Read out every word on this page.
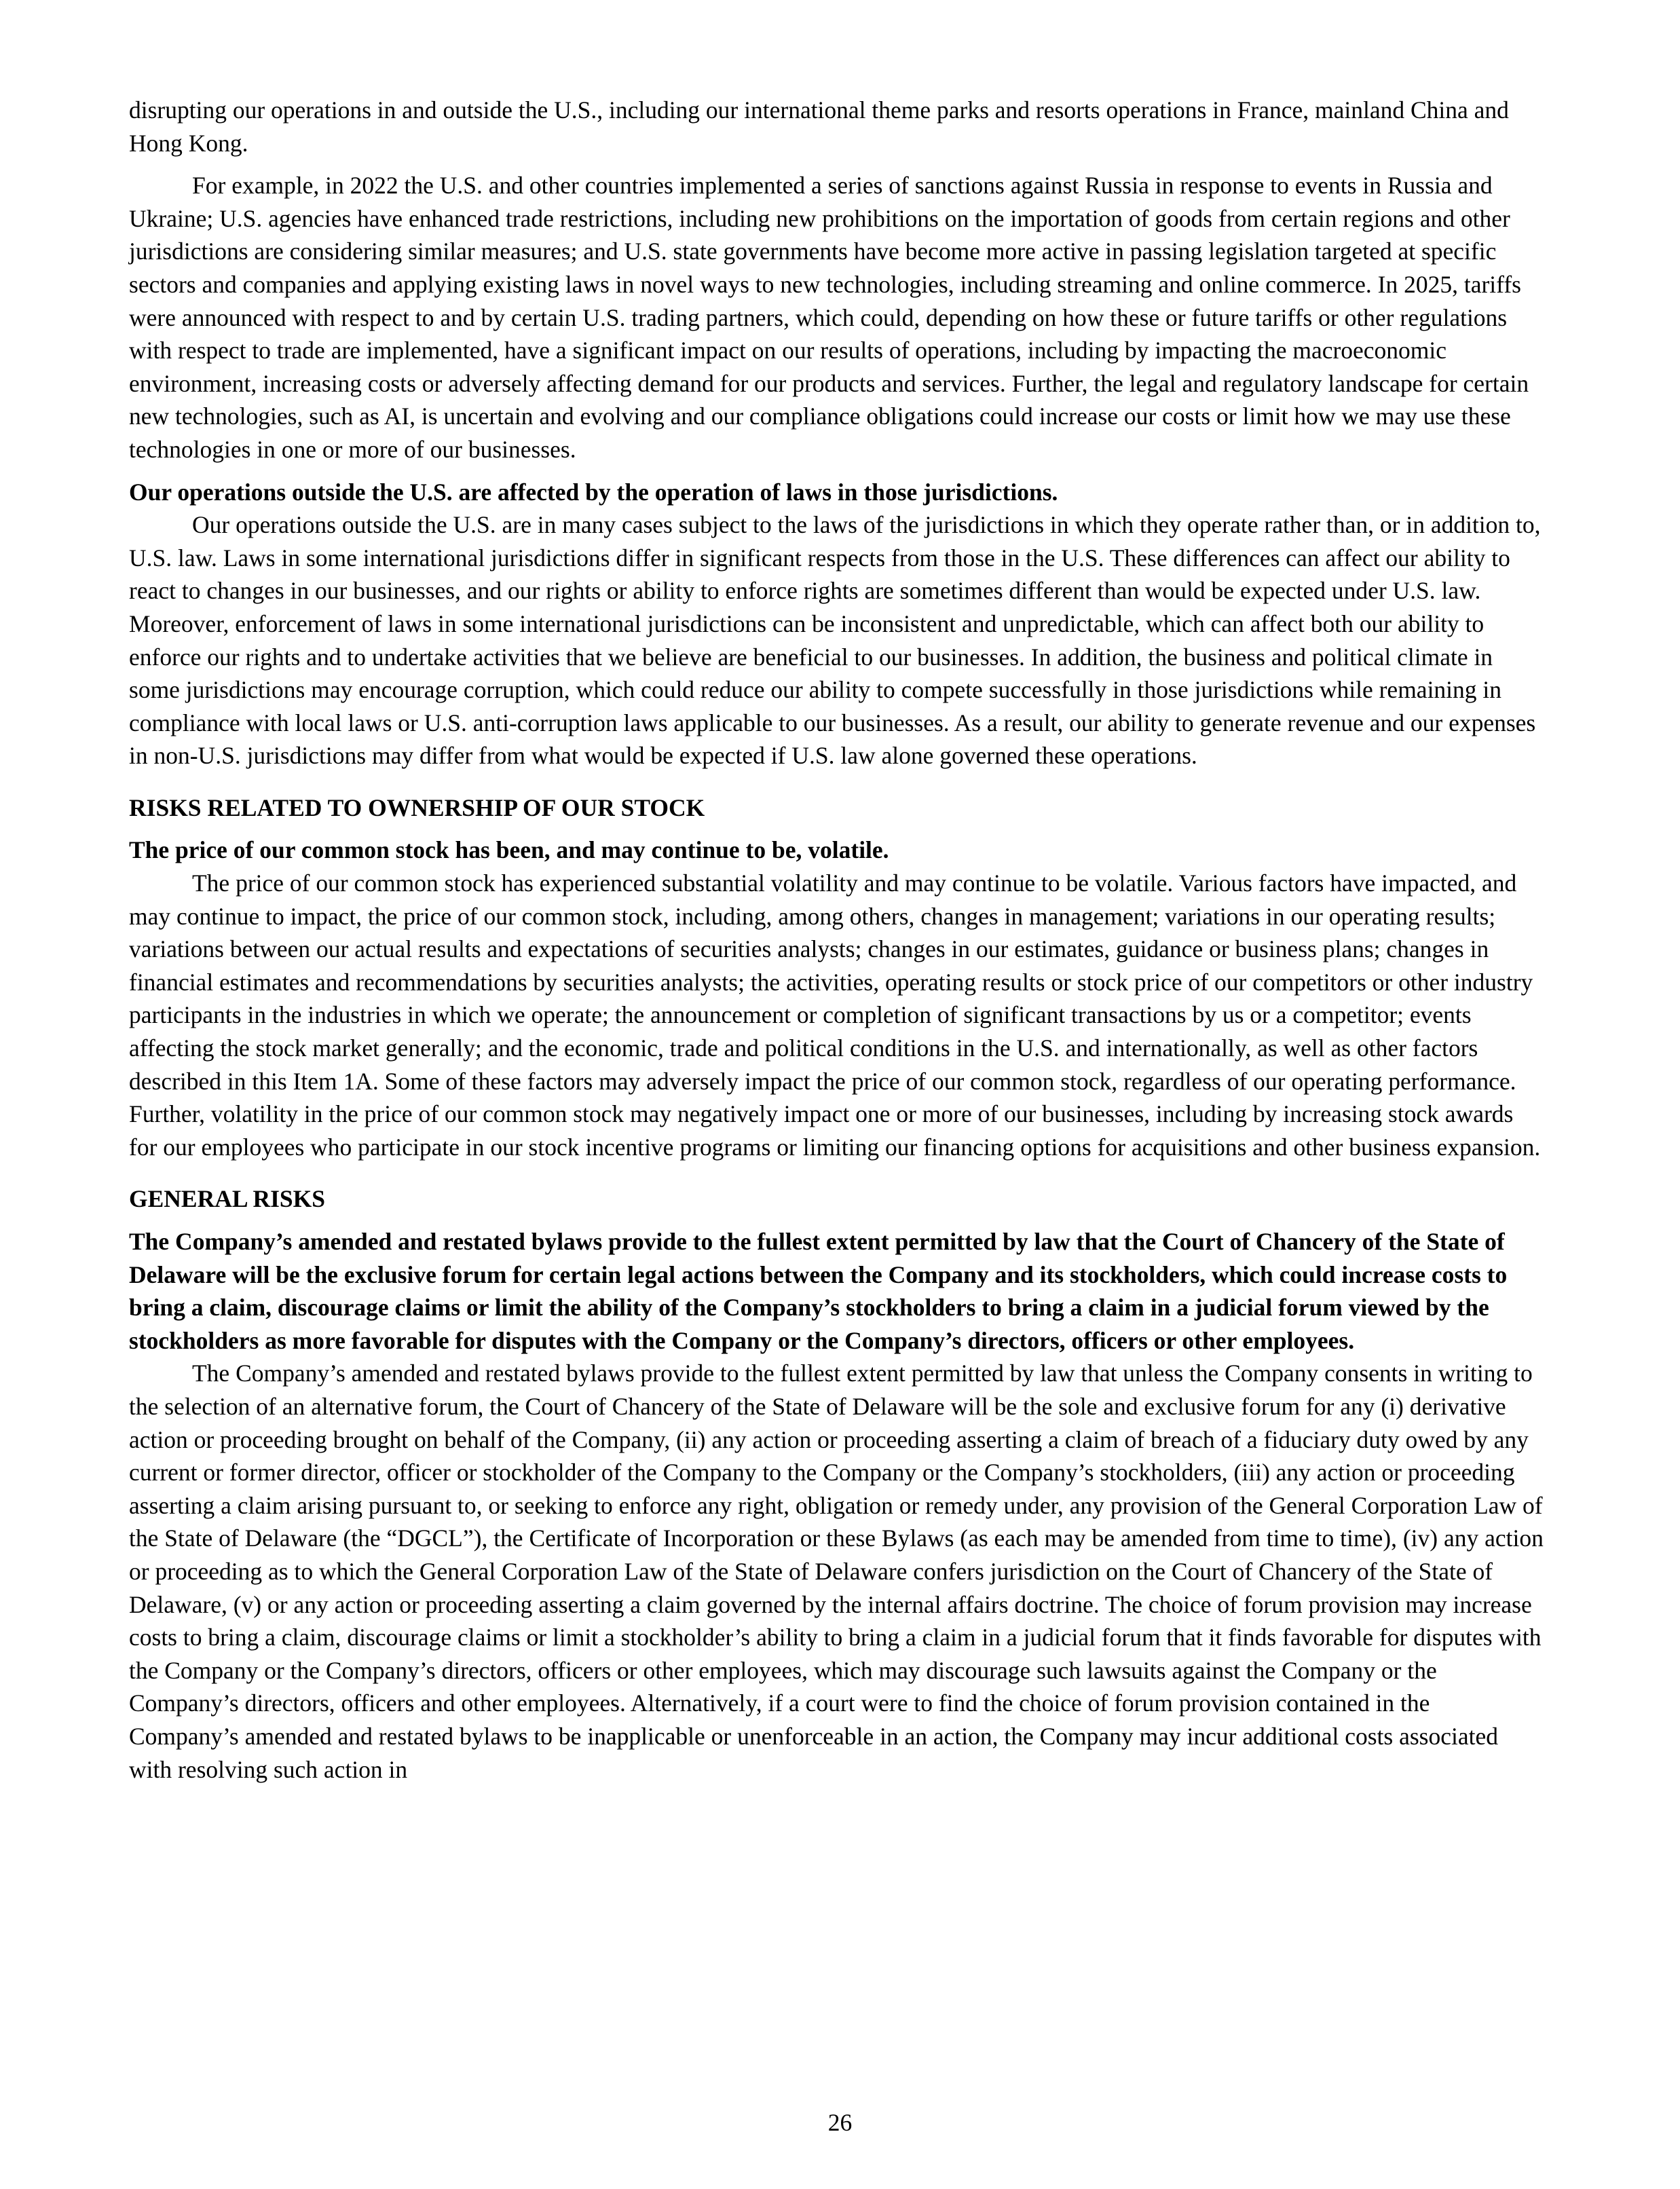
disrupting our operations in and outside the U.S., including our international theme parks and resorts operations in France, mainland China and Hong Kong.

For example, in 2022 the U.S. and other countries implemented a series of sanctions against Russia in response to events in Russia and Ukraine; U.S. agencies have enhanced trade restrictions, including new prohibitions on the importation of goods from certain regions and other jurisdictions are considering similar measures; and U.S. state governments have become more active in passing legislation targeted at specific sectors and companies and applying existing laws in novel ways to new technologies, including streaming and online commerce. In 2025, tariffs were announced with respect to and by certain U.S. trading partners, which could, depending on how these or future tariffs or other regulations with respect to trade are implemented, have a significant impact on our results of operations, including by impacting the macroeconomic environment, increasing costs or adversely affecting demand for our products and services. Further, the legal and regulatory landscape for certain new technologies, such as AI, is uncertain and evolving and our compliance obligations could increase our costs or limit how we may use these technologies in one or more of our businesses.

Our operations outside the U.S. are affected by the operation of laws in those jurisdictions.

Our operations outside the U.S. are in many cases subject to the laws of the jurisdictions in which they operate rather than, or in addition to, U.S. law. Laws in some international jurisdictions differ in significant respects from those in the U.S. These differences can affect our ability to react to changes in our businesses, and our rights or ability to enforce rights are sometimes different than would be expected under U.S. law. Moreover, enforcement of laws in some international jurisdictions can be inconsistent and unpredictable, which can affect both our ability to enforce our rights and to undertake activities that we believe are beneficial to our businesses. In addition, the business and political climate in some jurisdictions may encourage corruption, which could reduce our ability to compete successfully in those jurisdictions while remaining in compliance with local laws or U.S. anti-corruption laws applicable to our businesses. As a result, our ability to generate revenue and our expenses in non-U.S. jurisdictions may differ from what would be expected if U.S. law alone governed these operations.

RISKS RELATED TO OWNERSHIP OF OUR STOCK

The price of our common stock has been, and may continue to be, volatile.

The price of our common stock has experienced substantial volatility and may continue to be volatile. Various factors have impacted, and may continue to impact, the price of our common stock, including, among others, changes in management; variations in our operating results; variations between our actual results and expectations of securities analysts; changes in our estimates, guidance or business plans; changes in financial estimates and recommendations by securities analysts; the activities, operating results or stock price of our competitors or other industry participants in the industries in which we operate; the announcement or completion of significant transactions by us or a competitor; events affecting the stock market generally; and the economic, trade and political conditions in the U.S. and internationally, as well as other factors described in this Item 1A. Some of these factors may adversely impact the price of our common stock, regardless of our operating performance. Further, volatility in the price of our common stock may negatively impact one or more of our businesses, including by increasing stock awards for our employees who participate in our stock incentive programs or limiting our financing options for acquisitions and other business expansion.

GENERAL RISKS

The Company’s amended and restated bylaws provide to the fullest extent permitted by law that the Court of Chancery of the State of Delaware will be the exclusive forum for certain legal actions between the Company and its stockholders, which could increase costs to bring a claim, discourage claims or limit the ability of the Company’s stockholders to bring a claim in a judicial forum viewed by the stockholders as more favorable for disputes with the Company or the Company’s directors, officers or other employees.

The Company’s amended and restated bylaws provide to the fullest extent permitted by law that unless the Company consents in writing to the selection of an alternative forum, the Court of Chancery of the State of Delaware will be the sole and exclusive forum for any (i) derivative action or proceeding brought on behalf of the Company, (ii) any action or proceeding asserting a claim of breach of a fiduciary duty owed by any current or former director, officer or stockholder of the Company to the Company or the Company’s stockholders, (iii) any action or proceeding asserting a claim arising pursuant to, or seeking to enforce any right, obligation or remedy under, any provision of the General Corporation Law of the State of Delaware (the “DGCL”), the Certificate of Incorporation or these Bylaws (as each may be amended from time to time), (iv) any action or proceeding as to which the General Corporation Law of the State of Delaware confers jurisdiction on the Court of Chancery of the State of Delaware, (v) or any action or proceeding asserting a claim governed by the internal affairs doctrine. The choice of forum provision may increase costs to bring a claim, discourage claims or limit a stockholder’s ability to bring a claim in a judicial forum that it finds favorable for disputes with the Company or the Company’s directors, officers or other employees, which may discourage such lawsuits against the Company or the Company’s directors, officers and other employees. Alternatively, if a court were to find the choice of forum provision contained in the Company’s amended and restated bylaws to be inapplicable or unenforceable in an action, the Company may incur additional costs associated with resolving such action in

26
